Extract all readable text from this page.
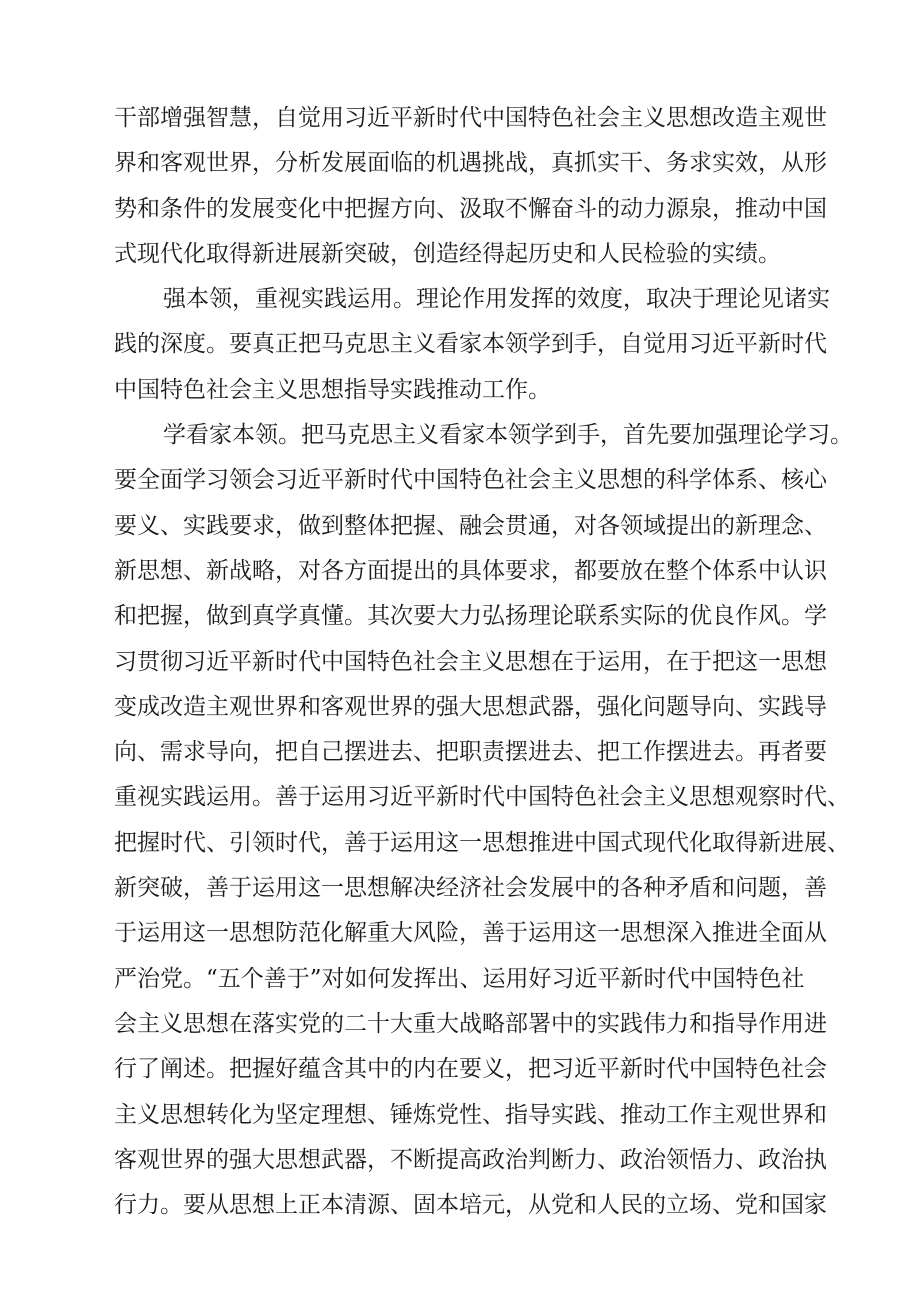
干部增强智慧，自觉用习近平新时代中国特色社会主义思想改造主观世
界和客观世界，分析发展面临的机遇挑战，真抓实干、务求实效，从形
势和条件的发展变化中把握方向、汲取不懈奋斗的动力源泉，推动中国
式现代化取得新进展新突破，创造经得起历史和人民检验的实绩。
强本领，重视实践运用。理论作用发挥的效度，取决于理论见诸实
践的深度。要真正把马克思主义看家本领学到手，自觉用习近平新时代
中国特色社会主义思想指导实践推动工作。
学看家本领。把马克思主义看家本领学到手，首先要加强理论学习。
要全面学习领会习近平新时代中国特色社会主义思想的科学体系、核心
要义、实践要求，做到整体把握、融会贯通，对各领域提出的新理念、
新思想、新战略，对各方面提出的具体要求，都要放在整个体系中认识
和把握，做到真学真懂。其次要大力弘扬理论联系实际的优良作风。学
习贯彻习近平新时代中国特色社会主义思想在于运用，在于把这一思想
变成改造主观世界和客观世界的强大思想武器，强化问题导向、实践导
向、需求导向，把自己摆进去、把职责摆进去、把工作摆进去。再者要
重视实践运用。善于运用习近平新时代中国特色社会主义思想观察时代、
把握时代、引领时代，善于运用这一思想推进中国式现代化取得新进展、
新突破，善于运用这一思想解决经济社会发展中的各种矛盾和问题，善
于运用这一思想防范化解重大风险，善于运用这一思想深入推进全面从
严治党。“五个善于”对如何发挥出、运用好习近平新时代中国特色社
会主义思想在落实党的二十大重大战略部署中的实践伟力和指导作用进
行了阐述。把握好蕴含其中的内在要义，把习近平新时代中国特色社会
主义思想转化为坚定理想、锤炼党性、指导实践、推动工作主观世界和
客观世界的强大思想武器，不断提高政治判断力、政治领悟力、政治执
行力。要从思想上正本清源、固本培元，从党和人民的立场、党和国家
